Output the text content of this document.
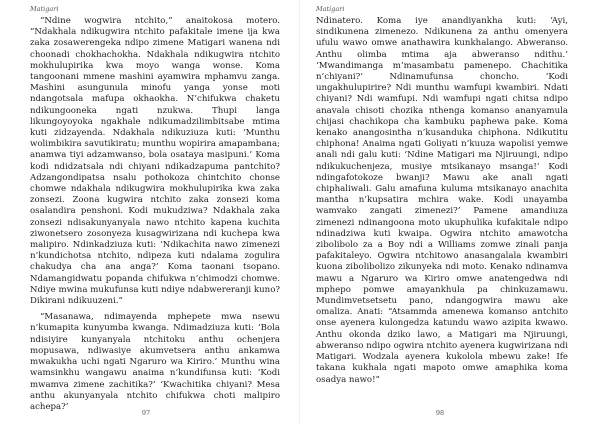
Matigari

“Ndine wogwira ntchito,” anaitokosa motero. “Ndakhala ndikugwira ntchito pafakitale imene ija kwa zaka zosawerengeka ndipo zimene Matigari wanena ndi choonadi chokhachokha. Ndakhala ndikugwira ntchito mokhulupirika kwa moyo wanga wonse. Koma tangoonani mmene mashini ayamwira mphamvu zanga. Mashini asungunula minofu yanga yonse moti ndangotsala mafupa okhaokha. N’chifukwa chaketu ndikungooneka ngati nzukwa. Thupi langa likungoyoyoka ngakhale ndikumadzilimbitsabe mtima kuti zidzayenda. Ndakhala ndikuziuza kuti: ‘Munthu wolimbikira savutikiratu; munthu wopirira amapambana; anamwa tiyi adzamwanso, bola osataya masipuni.’ Koma kodi ndidzatsala ndi chiyani ndikadzapuma pantchito? Adzangondipatsa nsalu pothokoza chintchito chonse chomwe ndakhala ndikugwira mokhulupirika kwa zaka zonsezi. Zoona kugwira ntchito zaka zonsezi koma osalandira penshoni. Kodi mukudziwa? Ndakhala zaka zonsezi ndisakunyanyala nawo ntchito kapena kuchita ziwonetsero zosonyeza kusagwirizana ndi kuchepa kwa malipiro. Ndinkadziuza kuti: ‘Ndikachita nawo zimenezi n’kundichotsa ntchito, ndipeza kuti ndalama zogulira chakudya cha ana anga?’ Koma taonani tsopano. Ndamangidwatu popanda chifukwa n’chimodzi chomwe. Ndiye mwina mukufunsa kuti ndiye ndabwereranji kuno? Dikirani ndikuuzeni.”

“Masanawa, ndimayenda mphepete mwa nsewu n’kumapita kunyumba kwanga. Ndimadziuza kuti: ‘Bola ndisiyire kunyanyala ntchitoku anthu ochenjera mopusawa, ndiwasiye akumvetsera anthu ankamwa mwakukha uchi ngati Ngaruro wa Kiriro.’ Munthu wina wamsinkhu wangawu anaima n’kundifunsa kuti: ‘Kodi mwamva zimene zachitika?’ ‘Kwachitika chiyani? Mesa anthu akunyanyala ntchito chifukwa choti malipiro achepa?’

97
Matigari

Ndinatero. Koma iye anandiyankha kuti: ‘Ayi, sindikunena zimenezo. Ndikunena za anthu omenyera ufulu wawo omwe anathawira kunkhalango. Abweranso. Anthu olimba mtima aja abweranso ndithu.’ ‘Mwandimanga m’masambatu pamenepo. Chachitika n’chiyani?’ Ndinamufunsa choncho. ‘Kodi ungakhulupirire? Ndi munthu wamfupi kwambiri. Ndati chiyani? Ndi wamfupi. Ndi wamfupi ngati chitsa ndipo anavala chisoti chozika nthenga komanso ananyamula chijasi chachikopa cha kambuku paphewa pake. Koma kenako anangosintha n’kusanduka chiphona. Ndikutitu chiphona! Anaima ngati Goliyati n’kuuza wapolisi yemwe anali ndi galu kuti: ‘Ndine Matigari ma Njiruungi, ndipo ndikukuchenjeza, musiye mtsikanayo msanga!’ Kodi ndingafotokoze bwanji? Mawu ake anali ngati chiphaliwali. Galu amafuna kuluma mtsikanayo anachita mantha n’kupsatira mchira wake. Kodi unayamba wamvako zangati zimenezi?’ Pamene amandiuza zimenezi ndinangoona moto ukuphulika kufakitale ndipo ndinadziwa kuti kwaipa. Ogwira ntchito amawotcha zibolibolo za a Boy ndi a Williams zomwe zinali panja pafakitaleyo. Ogwira ntchitowo anasangalala kwambiri kuona zibolibolizo zikunyeka ndi moto. Kenako ndinamva mawu a Ngaruro wa Kiriro omwe anatengedwa ndi mphepo pomwe amayankhula pa chinkuzamawu. Mundimvetsetsetu pano, ndangogwira mawu ake omaliza. Anati: “Atsammda amenewa komanso antchito onse ayenera kulongedza katundu wawo azipita kwawo. Anthu okonda dziko lawo, a Matigari ma Njiruungi, abweranso ndipo ogwira ntchito ayenera kugwirizana ndi Matigari. Wodzala ayenera kukolola mbewu zake! Ife takana kukhala ngati mapoto omwe amaphika koma osadya nawo!”

98
